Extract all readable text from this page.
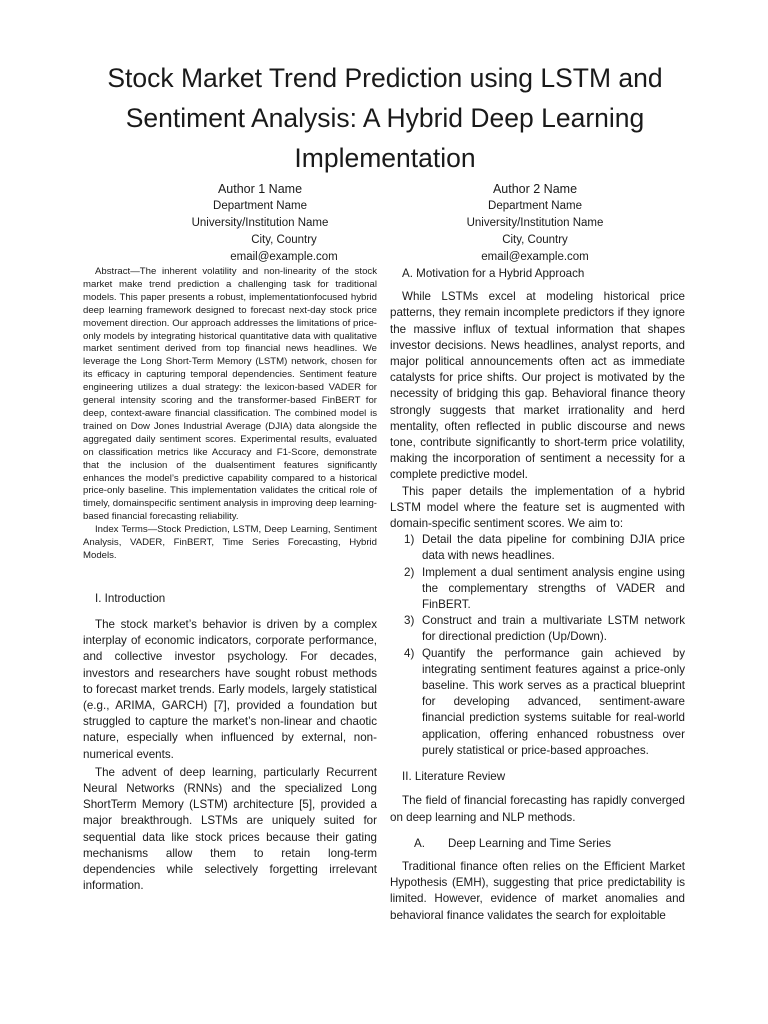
Stock Market Trend Prediction using LSTM and Sentiment Analysis: A Hybrid Deep Learning Implementation
Author 1 Name
Department Name
University/Institution Name
City, Country email@example.com
Author 2 Name
Department Name
University/Institution Name
City, Country
email@example.com

Abstract—The inherent volatility and non-linearity of the stock market make trend prediction a challenging task for traditional models. This paper presents a robust, implementationfocused hybrid deep learning framework designed to forecast next-day stock price movement direction. Our approach addresses the limitations of price-only models by integrating historical quantitative data with qualitative market sentiment derived from top financial news headlines. We leverage the Long Short-Term Memory (LSTM) network, chosen for its efficacy in capturing temporal dependencies. Sentiment feature engineering utilizes a dual strategy: the lexicon-based VADER for general intensity scoring and the transformer-based FinBERT for deep, context-aware financial classification. The combined model is trained on Dow Jones Industrial Average (DJIA) data alongside the aggregated daily sentiment scores. Experimental results, evaluated on classification metrics like Accuracy and F1-Score, demonstrate that the inclusion of the dualsentiment features significantly enhances the model’s predictive capability compared to a historical price-only baseline. This implementation validates the critical role of timely, domainspecific sentiment analysis in improving deep learning-based financial forecasting reliability.

Index Terms—Stock Prediction, LSTM, Deep Learning, Sentiment Analysis, VADER, FinBERT, Time Series Forecasting, Hybrid Models.

I. Introduction

The stock market’s behavior is driven by a complex interplay of economic indicators, corporate performance, and collective investor psychology. For decades, investors and researchers have sought robust methods to forecast market trends. Early models, largely statistical (e.g., ARIMA, GARCH) [7], provided a foundation but struggled to capture the market’s non-linear and chaotic nature, especially when influenced by external, non-numerical events.

The advent of deep learning, particularly Recurrent Neural Networks (RNNs) and the specialized Long ShortTerm Memory (LSTM) architecture [5], provided a major breakthrough. LSTMs are uniquely suited for sequential data like stock prices because their gating mechanisms allow them to retain long-term dependencies while selectively forgetting irrelevant information.

A. Motivation for a Hybrid Approach

While LSTMs excel at modeling historical price patterns, they remain incomplete predictors if they ignore the massive influx of textual information that shapes investor decisions. News headlines, analyst reports, and major political announcements often act as immediate catalysts for price shifts. Our project is motivated by the necessity of bridging this gap. Behavioral finance theory strongly suggests that market irrationality and herd mentality, often reflected in public discourse and news tone, contribute significantly to short-term price volatility, making the incorporation of sentiment a necessity for a complete predictive model.

This paper details the implementation of a hybrid LSTM model where the feature set is augmented with domain-specific sentiment scores. We aim to:

1) Detail the data pipeline for combining DJIA price data with news headlines.
2) Implement a dual sentiment analysis engine using the complementary strengths of VADER and FinBERT.
3) Construct and train a multivariate LSTM network for directional prediction (Up/Down).
4) Quantify the performance gain achieved by integrating sentiment features against a price-only baseline. This work serves as a practical blueprint for developing advanced, sentiment-aware financial prediction systems suitable for real-world application, offering enhanced robustness over purely statistical or price-based approaches.

II. Literature Review

The field of financial forecasting has rapidly converged on deep learning and NLP methods.

A. Deep Learning and Time Series

Traditional finance often relies on the Efficient Market Hypothesis (EMH), suggesting that price predictability is limited. However, evidence of market anomalies and behavioral finance validates the search for exploitable
